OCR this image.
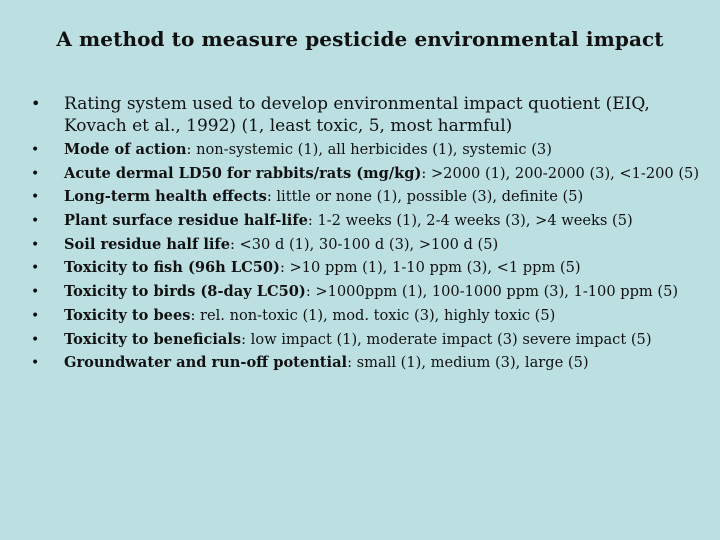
A method to measure pesticide environmental impact
• Rating system used to develop environmental impact quotient (EIQ, Kovach et al., 1992) (1, least toxic, 5, most harmful)
• Mode of action: non-systemic (1), all herbicides (1), systemic (3)
• Acute dermal LD50 for rabbits/rats (mg/kg): >2000 (1), 200-2000 (3), <1-200 (5)
• Long-term health effects: little or none (1), possible (3), definite (5)
• Plant surface residue half-life: 1-2 weeks (1), 2-4 weeks (3), >4 weeks (5)
• Soil residue half life: <30 d (1), 30-100 d (3), >100 d (5)
• Toxicity to fish (96h LC50): >10 ppm (1), 1-10 ppm (3), <1 ppm (5)
• Toxicity to birds (8-day LC50): >1000ppm (1), 100-1000 ppm (3), 1-100 ppm (5)
• Toxicity to bees: rel. non-toxic (1), mod. toxic (3), highly toxic (5)
• Toxicity to beneficials: low impact (1), moderate impact (3) severe impact (5)
• Groundwater and run-off potential: small (1), medium (3), large (5)
